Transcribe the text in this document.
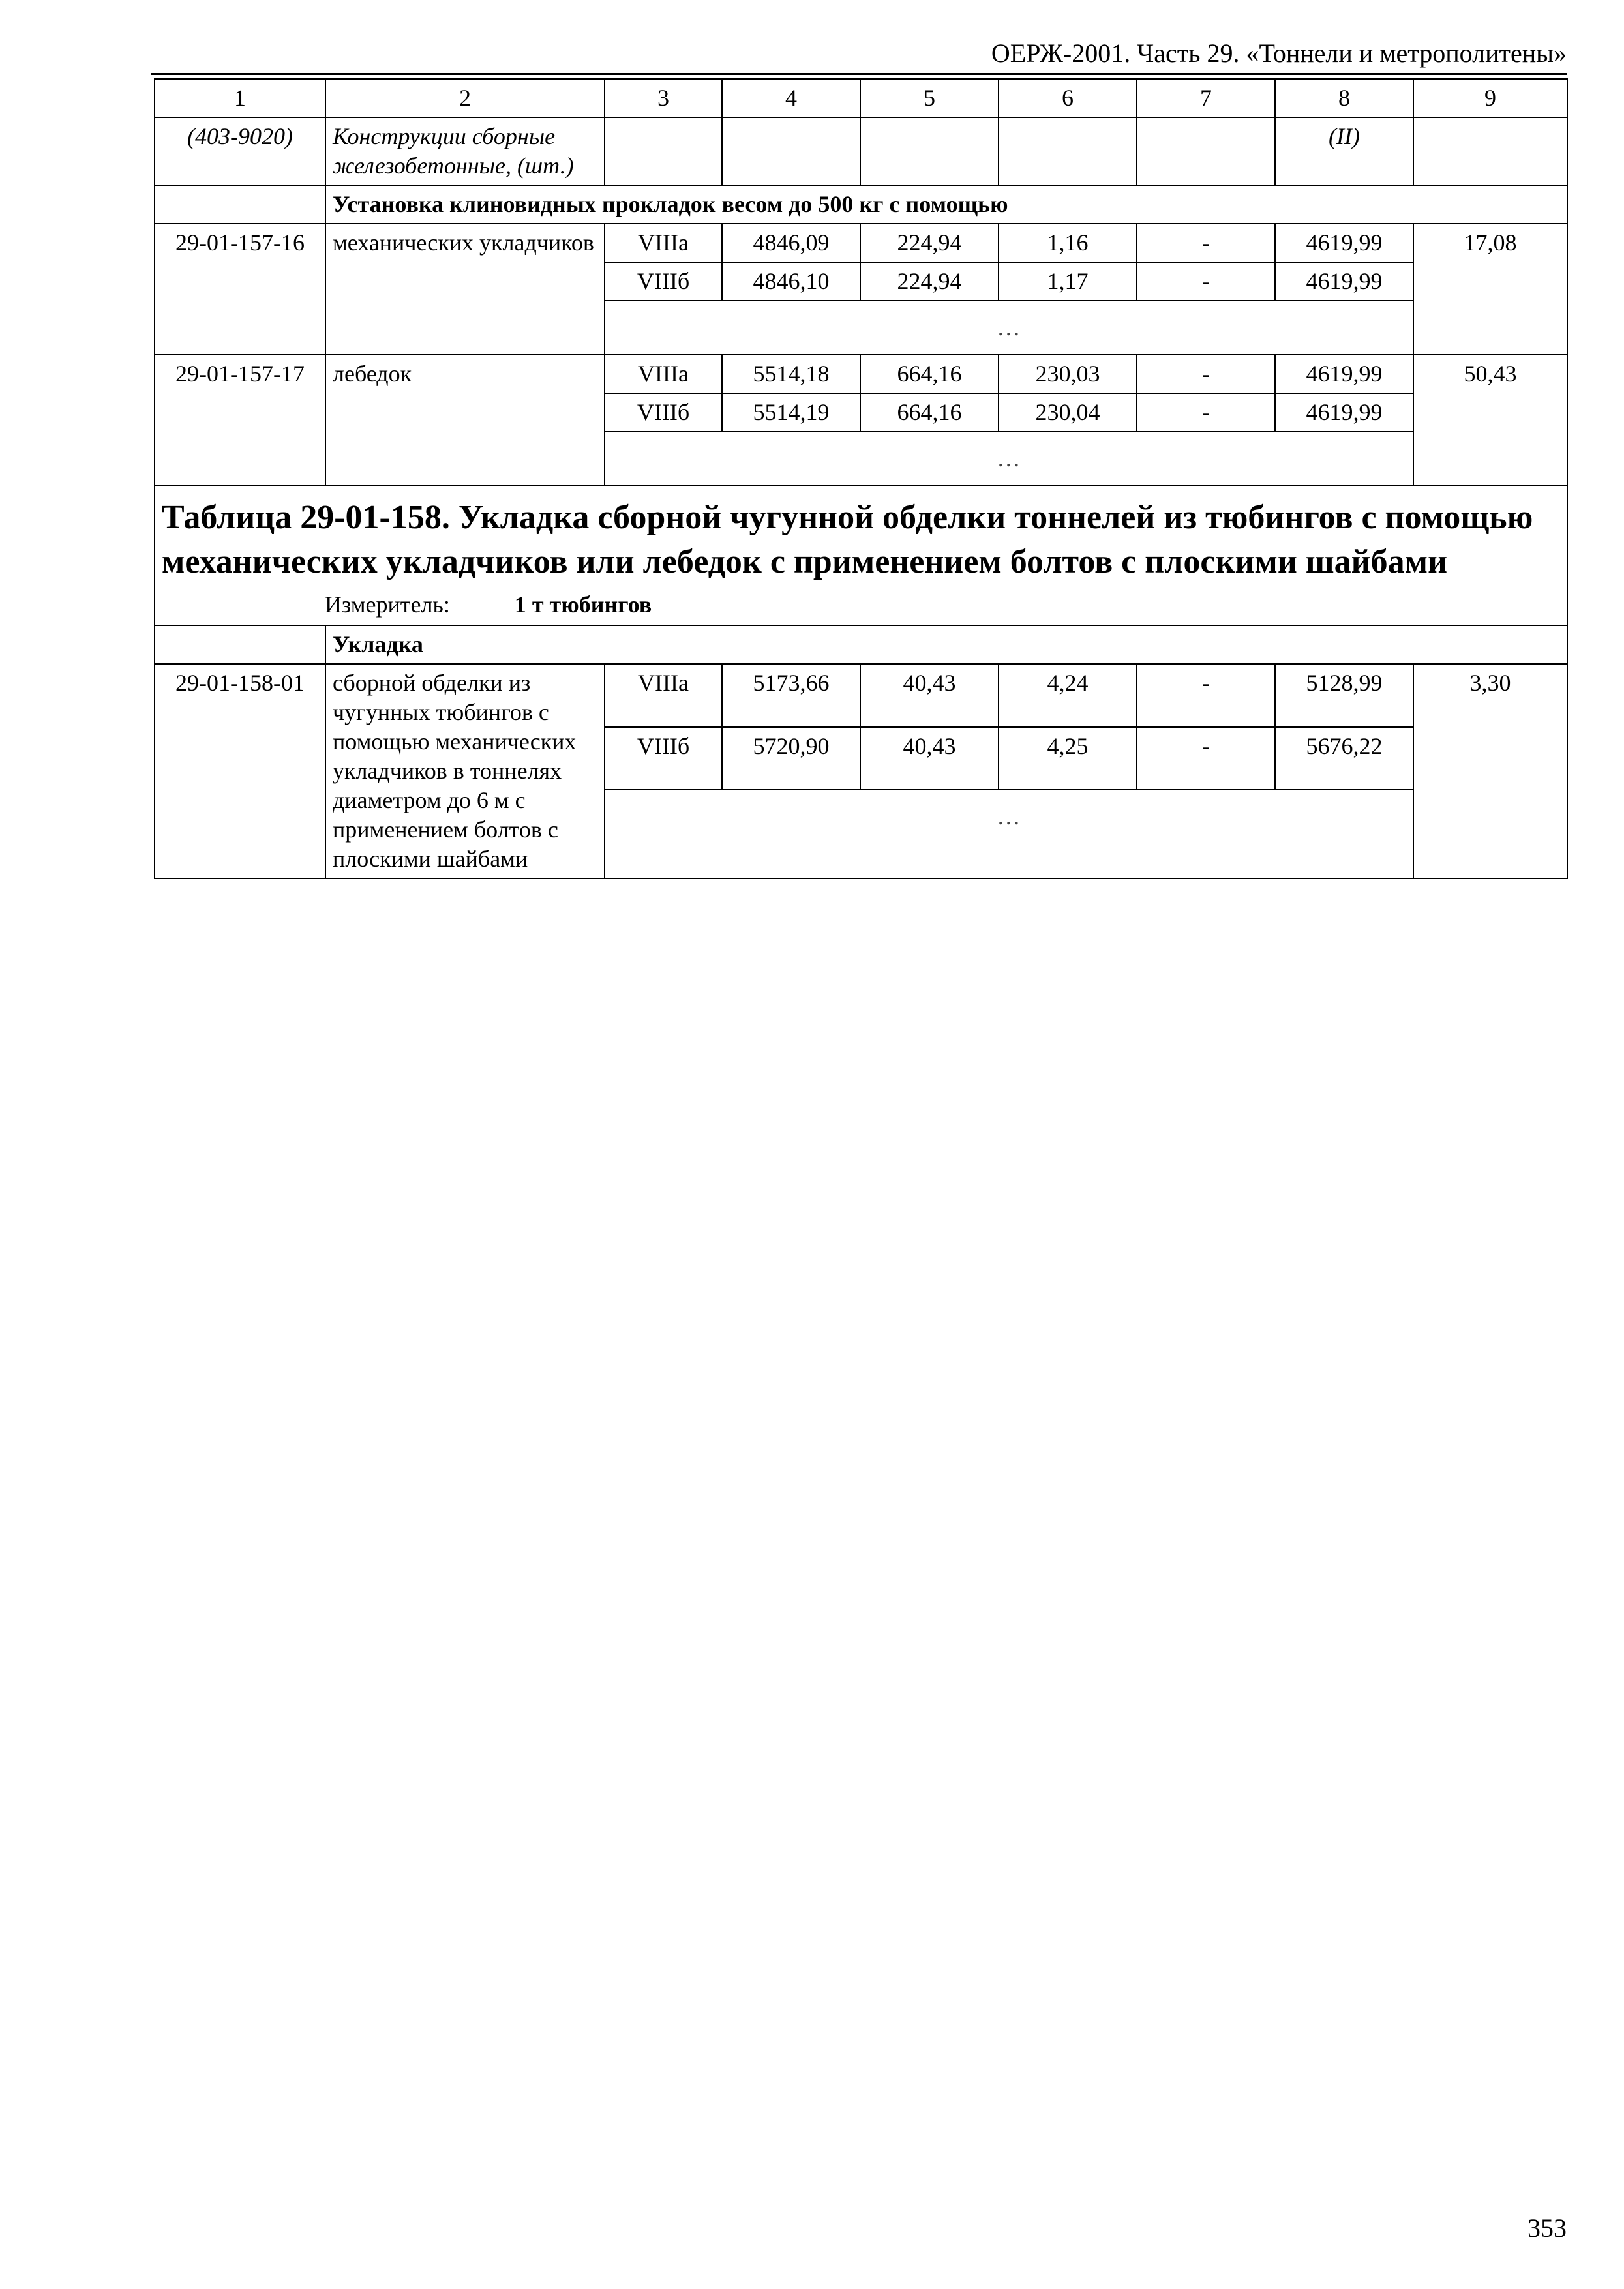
ОЕРЖ-2001. Часть 29. «Тоннели и метрополитены»
1	2	3	4	5	6	7	8	9
(403-9020)	Конструкции сборные железобетонные, (шт.)						(II)	
	Установка клиновидных прокладок весом до 500 кг с помощью							
29-01-157-16	механических укладчиков	VIIIа	4846,09	224,94	1,16	-	4619,99	17,08
		VIIIб	4846,10	224,94	1,17	-	4619,99	
		…						
29-01-157-17	лебедок	VIIIа	5514,18	664,16	230,03	-	4619,99	50,43
		VIIIб	5514,19	664,16	230,04	-	4619,99	
		…						

Таблица 29-01-158. Укладка сборной чугунной обделки тоннелей из тюбингов с помощью механических укладчиков или лебедок с применением болтов с плоскими шайбами
Измеритель: 1 т тюбингов								

	Укладка							
29-01-158-01	сборной обделки из чугунных тюбингов с помощью механических укладчиков в тоннелях диаметром до 6 м с применением болтов с плоскими шайбами	VIIIа	5173,66	40,43	4,24	-	5128,99	3,30
		VIIIб	5720,90	40,43	4,25	-	5676,22	
		…						
353
